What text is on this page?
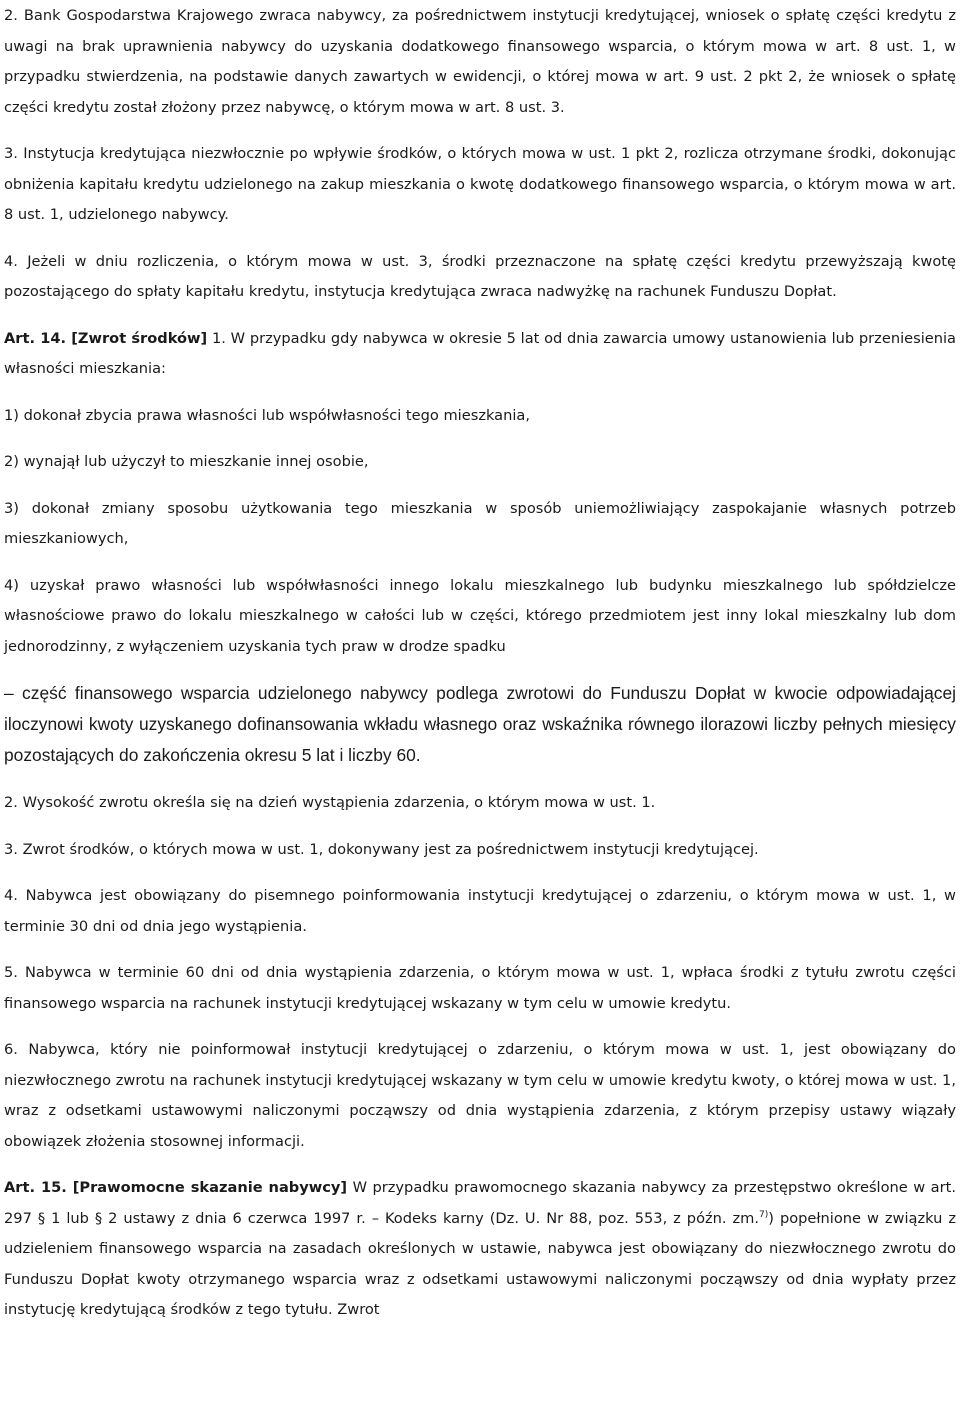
2. Bank Gospodarstwa Krajowego zwraca nabywcy, za pośrednictwem instytucji kredytującej, wniosek o spłatę części kredytu z uwagi na brak uprawnienia nabywcy do uzyskania dodatkowego finansowego wsparcia, o którym mowa w art. 8 ust. 1, w przypadku stwierdzenia, na podstawie danych zawartych w ewidencji, o której mowa w art. 9 ust. 2 pkt 2, że wniosek o spłatę części kredytu został złożony przez nabywcę, o którym mowa w art. 8 ust. 3.

3. Instytucja kredytująca niezwłocznie po wpływie środków, o których mowa w ust. 1 pkt 2, rozlicza otrzymane środki, dokonując obniżenia kapitału kredytu udzielonego na zakup mieszkania o kwotę dodatkowego finansowego wsparcia, o którym mowa w art. 8 ust. 1, udzielonego nabywcy.

4. Jeżeli w dniu rozliczenia, o którym mowa w ust. 3, środki przeznaczone na spłatę części kredytu przewyższają kwotę pozostającego do spłaty kapitału kredytu, instytucja kredytująca zwraca nadwyżkę na rachunek Funduszu Dopłat.

Art. 14. [Zwrot środków] 1. W przypadku gdy nabywca w okresie 5 lat od dnia zawarcia umowy ustanowienia lub przeniesienia własności mieszkania:

1) dokonał zbycia prawa własności lub współwłasności tego mieszkania,

2) wynajął lub użyczył to mieszkanie innej osobie,

3) dokonał zmiany sposobu użytkowania tego mieszkania w sposób uniemożliwiający zaspokajanie własnych potrzeb mieszkaniowych,

4) uzyskał prawo własności lub współwłasności innego lokalu mieszkalnego lub budynku mieszkalnego lub spółdzielcze własnościowe prawo do lokalu mieszkalnego w całości lub w części, którego przedmiotem jest inny lokal mieszkalny lub dom jednorodzinny, z wyłączeniem uzyskania tych praw w drodze spadku

– część finansowego wsparcia udzielonego nabywcy podlega zwrotowi do Funduszu Dopłat w kwocie odpowiadającej iloczynowi kwoty uzyskanego dofinansowania wkładu własnego oraz wskaźnika równego ilorazowi liczby pełnych miesięcy pozostających do zakończenia okresu 5 lat i liczby 60.

2. Wysokość zwrotu określa się na dzień wystąpienia zdarzenia, o którym mowa w ust. 1.

3. Zwrot środków, o których mowa w ust. 1, dokonywany jest za pośrednictwem instytucji kredytującej.

4. Nabywca jest obowiązany do pisemnego poinformowania instytucji kredytującej o zdarzeniu, o którym mowa w ust. 1, w terminie 30 dni od dnia jego wystąpienia.

5. Nabywca w terminie 60 dni od dnia wystąpienia zdarzenia, o którym mowa w ust. 1, wpłaca środki z tytułu zwrotu części finansowego wsparcia na rachunek instytucji kredytującej wskazany w tym celu w umowie kredytu.

6. Nabywca, który nie poinformował instytucji kredytującej o zdarzeniu, o którym mowa w ust. 1, jest obowiązany do niezwłocznego zwrotu na rachunek instytucji kredytującej wskazany w tym celu w umowie kredytu kwoty, o której mowa w ust. 1, wraz z odsetkami ustawowymi naliczonymi począwszy od dnia wystąpienia zdarzenia, z którym przepisy ustawy wiązały obowiązek złożenia stosownej informacji.

Art. 15. [Prawomocne skazanie nabywcy] W przypadku prawomocnego skazania nabywcy za przestępstwo określone w art. 297 § 1 lub § 2 ustawy z dnia 6 czerwca 1997 r. – Kodeks karny (Dz. U. Nr 88, poz. 553, z późn. zm.$^{7)}$) popełnione w związku z udzieleniem finansowego wsparcia na zasadach określonych w ustawie, nabywca jest obowiązany do niezwłocznego zwrotu do Funduszu Dopłat kwoty otrzymanego wsparcia wraz z odsetkami ustawowymi naliczonymi począwszy od dnia wypłaty przez instytucję kredytującą środków z tego tytułu. Zwrot
